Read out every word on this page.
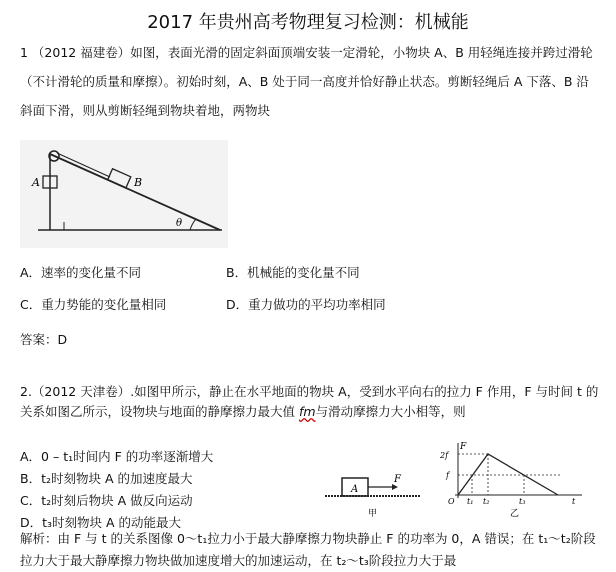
2017 年贵州高考物理复习检测：机械能
1 （2012 福建卷）如图，表面光滑的固定斜面顶端安装一定滑轮，小物块 A、B 用轻绳连接并跨过滑轮（不计滑轮的质量和摩擦）。初始时刻，A、B 处于同一高度并恰好静止状态。剪断轻绳后 A 下落、B 沿斜面下滑，则从剪断轻绳到物块着地，两物块
A	B
θ
A．速率的变化量不同	B．机械能的变化量不同
C．重力势能的变化量相同	D．重力做功的平均功率相同
答案：D
2.（2012 天津卷）.如图甲所示，静止在水平地面的物块 A，受到水平向右的拉力 F 作用，F 与时间 t 的关系如图乙所示，设物块与地面的静摩擦力最大值 fm与滑动摩擦力大小相等，则
A．0 – t₁时间内 F 的功率逐渐增大
B．t₂时刻物块 A 的加速度最大
C．t₂时刻后物块 A 做反向运动
D．t₃时刻物块 A 的动能最大
A
F
甲
F
2f
f
O t₁ t₂	t₃	t
乙
解析：由 F 与 t 的关系图像 0～t₁拉力小于最大静摩擦力物块静止 F 的功率为 0，A 错误；在 t₁～t₂阶段拉力大于最大静摩擦力物块做加速度增大的加速运动，在 t₂～t₃阶段拉力大于最
